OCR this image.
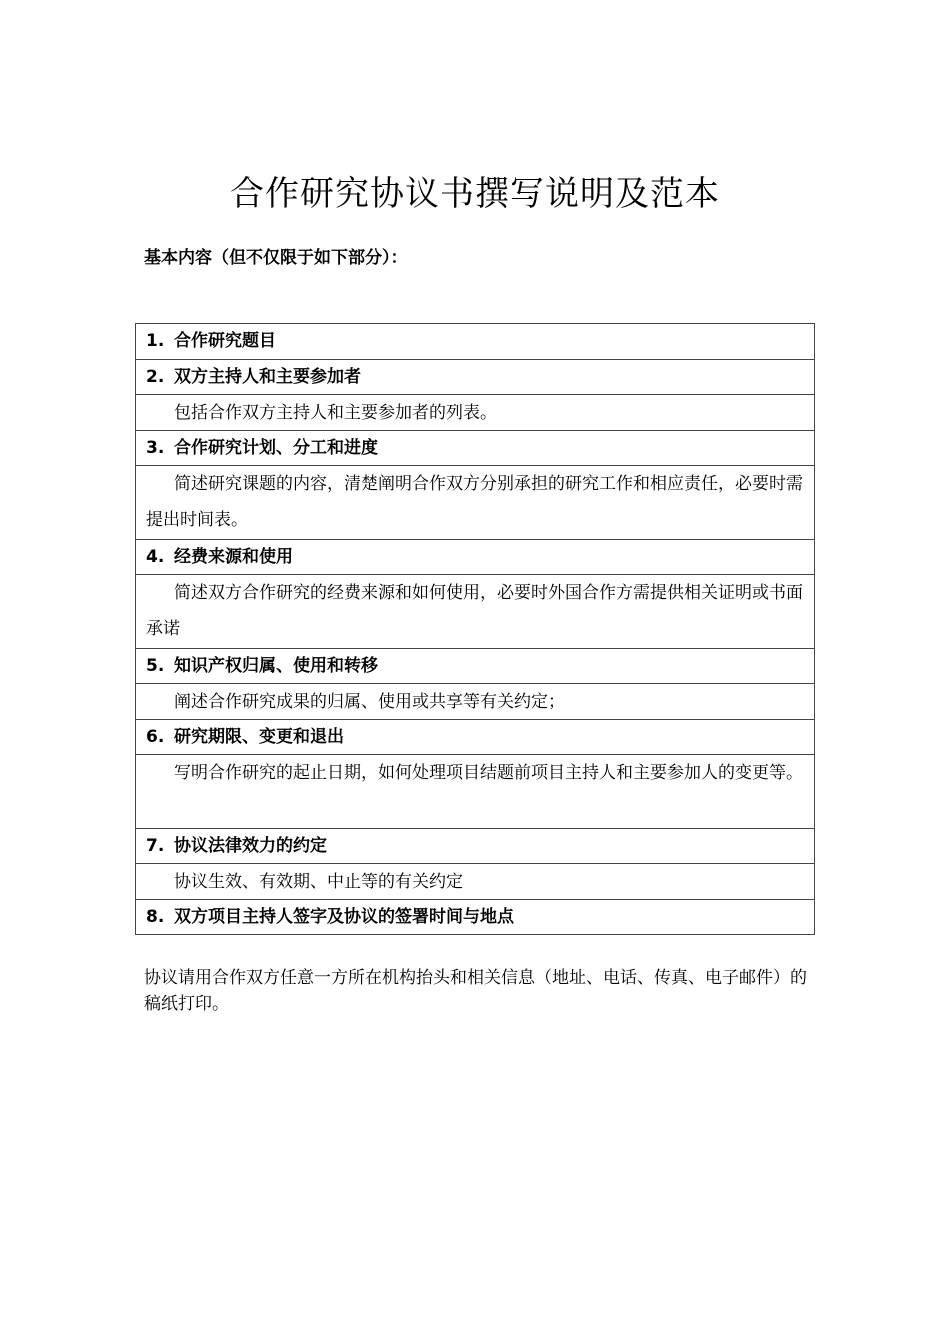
合作研究协议书撰写说明及范本
基本内容（但不仅限于如下部分）：
1. 合作研究题目
2. 双方主持人和主要参加者
包括合作双方主持人和主要参加者的列表。
3. 合作研究计划、分工和进度
简述研究课题的内容，清楚阐明合作双方分别承担的研究工作和相应责任，必要时需提出时间表。
4. 经费来源和使用
简述双方合作研究的经费来源和如何使用，必要时外国合作方需提供相关证明或书面承诺
5. 知识产权归属、使用和转移
阐述合作研究成果的归属、使用或共享等有关约定；
6. 研究期限、变更和退出
写明合作研究的起止日期，如何处理项目结题前项目主持人和主要参加人的变更等。
7. 协议法律效力的约定
协议生效、有效期、中止等的有关约定
8. 双方项目主持人签字及协议的签署时间与地点
协议请用合作双方任意一方所在机构抬头和相关信息（地址、电话、传真、电子邮件）的稿纸打印。
